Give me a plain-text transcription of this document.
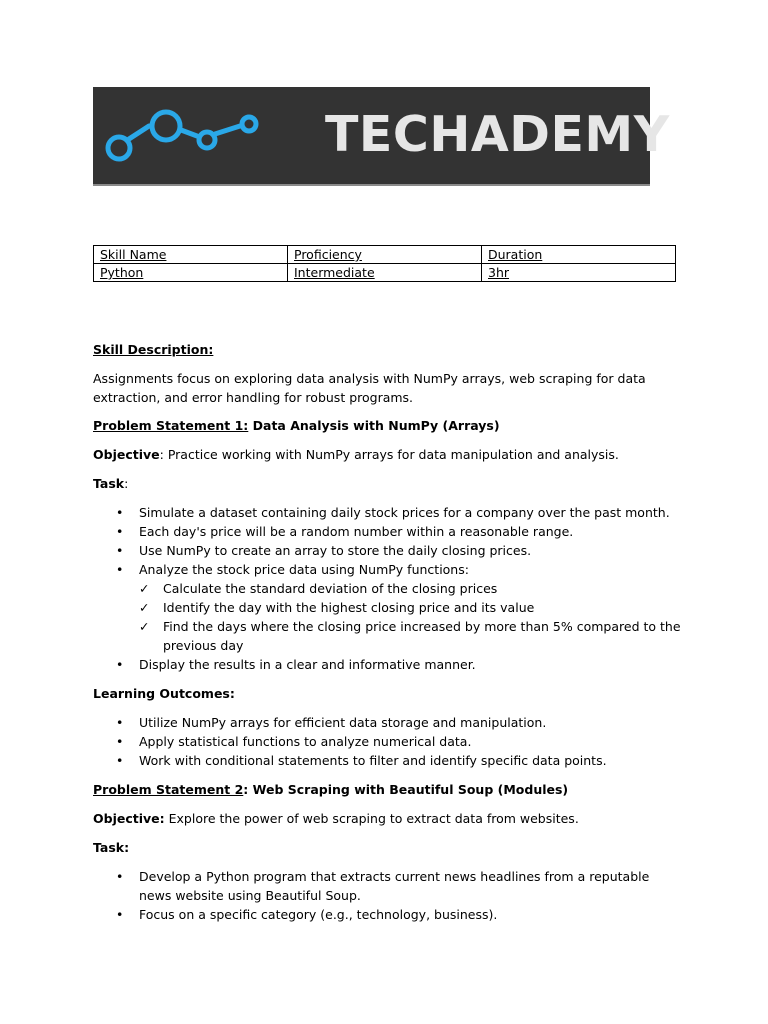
TECHADEMY
Skill Name	Proficiency	Duration
Python	Intermediate	3hr

Skill Description:

Assignments focus on exploring data analysis with NumPy arrays, web scraping for data extraction, and error handling for robust programs.

Problem Statement 1: Data Analysis with NumPy (Arrays)

Objective: Practice working with NumPy arrays for data manipulation and analysis.

Task:

• Simulate a dataset containing daily stock prices for a company over the past month.
• Each day's price will be a random number within a reasonable range.
• Use NumPy to create an array to store the daily closing prices.
• Analyze the stock price data using NumPy functions:
✓ Calculate the standard deviation of the closing prices
✓ Identify the day with the highest closing price and its value
✓ Find the days where the closing price increased by more than 5% compared to the previous day
• Display the results in a clear and informative manner.

Learning Outcomes:

• Utilize NumPy arrays for efficient data storage and manipulation.
• Apply statistical functions to analyze numerical data.
• Work with conditional statements to filter and identify specific data points.

Problem Statement 2: Web Scraping with Beautiful Soup (Modules)

Objective: Explore the power of web scraping to extract data from websites.

Task:

• Develop a Python program that extracts current news headlines from a reputable news website using Beautiful Soup.
• Focus on a specific category (e.g., technology, business).
